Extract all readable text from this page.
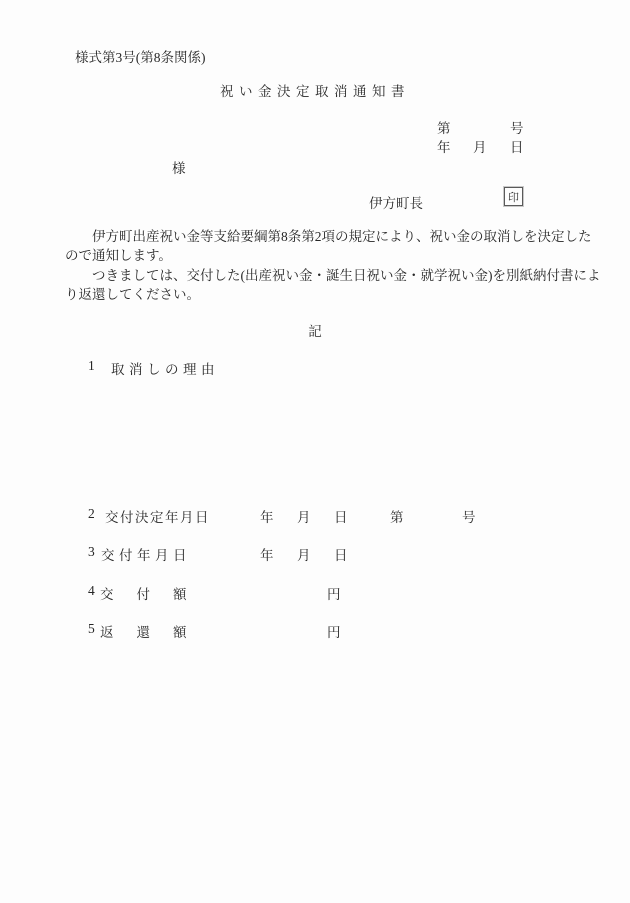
様式第3号(第8条関係)
祝い金決定取消通知書
第	号
年 月 日
様
伊方町長	印
伊方町出産祝い金等支給要綱第8条第2項の規定により、祝い金の取消しを決定した
ので通知します。
つきましては、交付した(出産祝い金・誕生日祝い金・就学祝い金)を別紙納付書によ
り返還してください。
記
1 取消しの理由
2 交付決定年月日	年 月 日	第	号
3 交付年月日	年 月 日
4 交付額	円
5 返還額	円
